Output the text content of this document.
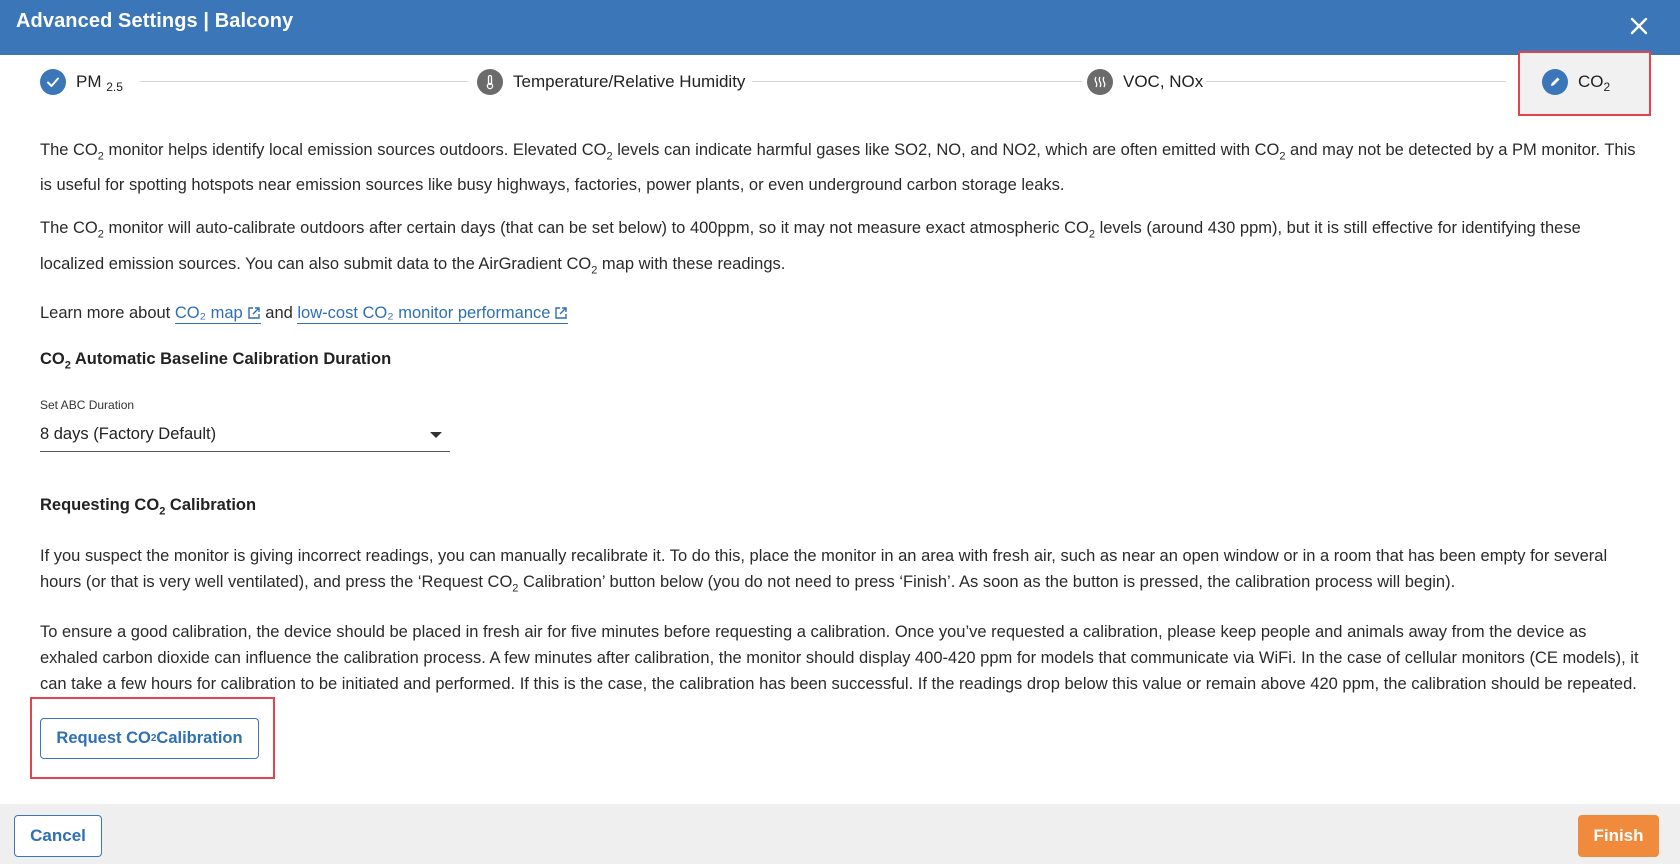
Advanced Settings | Balcony
PM $_{2.5}$	Temperature/Relative Humidity	VOC, NOx	$CO_2$

The $CO_2$ monitor helps identify local emission sources outdoors. Elevated $CO_2$ levels can indicate harmful gases like SO2, NO, and NO2, which are often emitted with $CO_2$ and may not be detected by a PM monitor. This is useful for spotting hotspots near emission sources like busy highways, factories, power plants, or even underground carbon storage leaks.

The $CO_2$ monitor will auto-calibrate outdoors after certain days (that can be set below) to 400ppm, so it may not measure exact atmospheric $CO_2$ levels (around 430 ppm), but it is still effective for identifying these localized emission sources. You can also submit data to the AirGradient $CO_2$ map with these readings.

Learn more about CO₂ map and low-cost CO₂ monitor performance

$CO_2$ Automatic Baseline Calibration Duration
Set ABC Duration
8 days (Factory Default)
Requesting $CO_2$ Calibration

If you suspect the monitor is giving incorrect readings, you can manually recalibrate it. To do this, place the monitor in an area with fresh air, such as near an open window or in a room that has been empty for several hours (or that is very well ventilated), and press the ‘Request $CO_2$ Calibration’ button below (you do not need to press ‘Finish’. As soon as the button is pressed, the calibration process will begin).

To ensure a good calibration, the device should be placed in fresh air for five minutes before requesting a calibration. Once you’ve requested a calibration, please keep people and animals away from the device as exhaled carbon dioxide can influence the calibration process. A few minutes after calibration, the monitor should display 400-420 ppm for models that communicate via WiFi. In the case of cellular monitors (CE models), it can take a few hours for calibration to be initiated and performed. If this is the case, the calibration has been successful. If the readings drop below this value or remain above 420 ppm, the calibration should be repeated.

Request CO 2 Calibration
Cancel	Finish
